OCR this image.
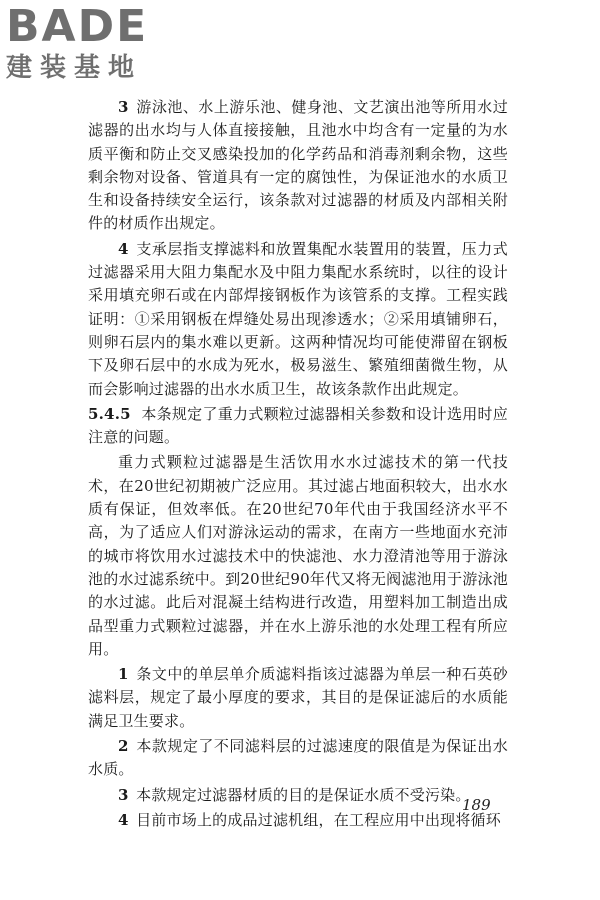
BADE
建装基地

3 游泳池、水上游乐池、健身池、文艺演出池等所用水过滤器的出水均与人体直接接触，且池水中均含有一定量的为水质平衡和防止交叉感染投加的化学药品和消毒剂剩余物，这些剩余物对设备、管道具有一定的腐蚀性，为保证池水的水质卫生和设备持续安全运行，该条款对过滤器的材质及内部相关附件的材质作出规定。

4 支承层指支撑滤料和放置集配水装置用的装置，压力式过滤器采用大阻力集配水及中阻力集配水系统时，以往的设计采用填充卵石或在内部焊接钢板作为该管系的支撑。工程实践证明：①采用钢板在焊缝处易出现渗透水；②采用填铺卵石，则卵石层内的集水难以更新。这两种情况均可能使滞留在钢板下及卵石层中的水成为死水，极易滋生、繁殖细菌微生物，从而会影响过滤器的出水水质卫生，故该条款作出此规定。

5.4.5 本条规定了重力式颗粒过滤器相关参数和设计选用时应注意的问题。

重力式颗粒过滤器是生活饮用水水过滤技术的第一代技术，在20世纪初期被广泛应用。其过滤占地面积较大，出水水质有保证，但效率低。在20世纪70年代由于我国经济水平不高，为了适应人们对游泳运动的需求，在南方一些地面水充沛的城市将饮用水过滤技术中的快滤池、水力澄清池等用于游泳池的水过滤系统中。到20世纪90年代又将无阀滤池用于游泳池的水过滤。此后对混凝土结构进行改造，用塑料加工制造出成品型重力式颗粒过滤器，并在水上游乐池的水处理工程有所应用。

1 条文中的单层单介质滤料指该过滤器为单层一种石英砂滤料层，规定了最小厚度的要求，其目的是保证滤后的水质能满足卫生要求。

2 本款规定了不同滤料层的过滤速度的限值是为保证出水水质。

3 本款规定过滤器材质的目的是保证水质不受污染。

4 目前市场上的成品过滤机组，在工程应用中出现将循环

189
